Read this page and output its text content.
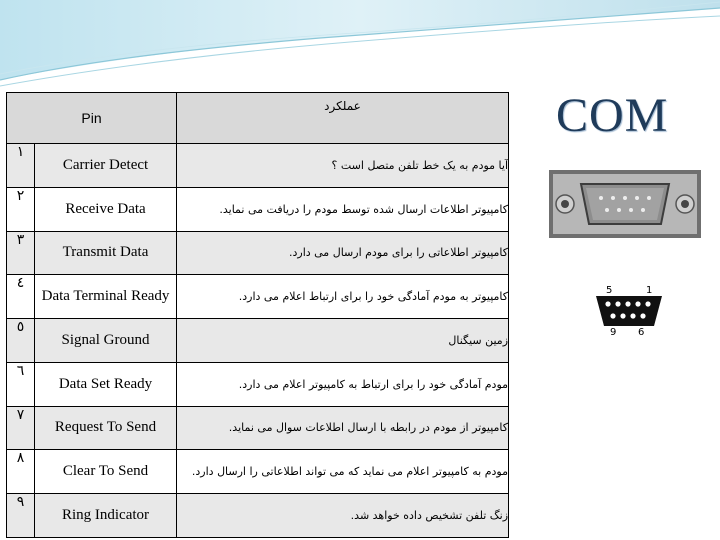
COM
5	1
9 6
Pin		عملکرد
۱	Carrier Detect	آیا مودم به یک خط تلفن متصل است ؟
۲	Receive Data	کامپیوتر اطلاعات ارسال شده توسط مودم را دریافت می نماید.
۳	Transmit Data	کامپیوتر اطلاعاتی را برای مودم ارسال می دارد.
٤	Data Terminal Ready	کامپیوتر به مودم آمادگی خود را برای ارتباط اعلام می دارد.
٥	Signal Ground	زمین سیگنال
٦	Data Set Ready	مودم آمادگی خود را برای ارتباط به کامپیوتر اعلام می دارد.
۷	Request To Send	کامپیوتر از مودم در رابطه با ارسال اطلاعات سوال می نماید.
۸	Clear To Send	مودم به کامپیوتر اعلام می نماید که می تواند اطلاعاتی را ارسال دارد.
۹	Ring Indicator	زنگ تلفن تشخیص داده خواهد شد.
